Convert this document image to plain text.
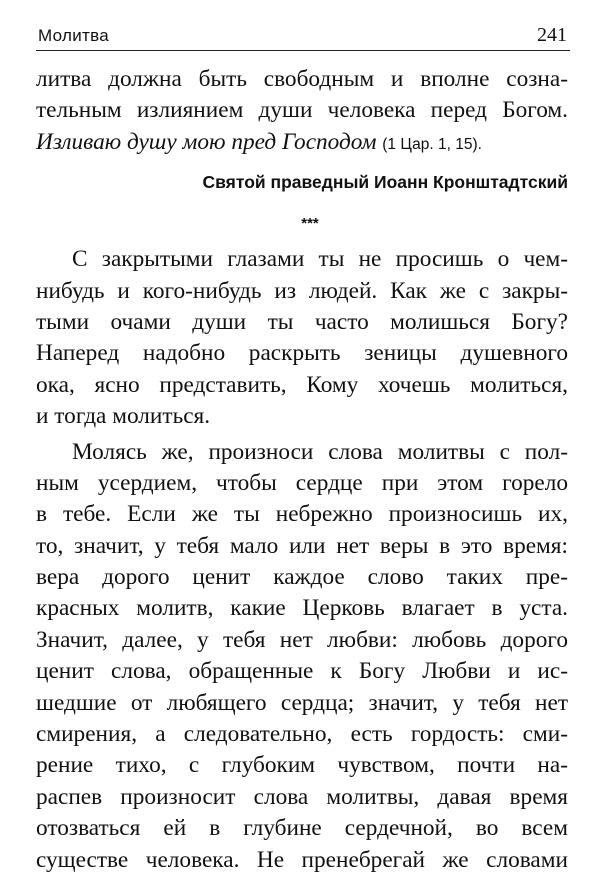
Молитва	241
литва должна быть свободным и вполне созна-
тельным излиянием души человека перед Богом.
Изливаю душу мою пред Господом (1 Цар. 1, 15).
Святой праведный Иоанн Кронштадтский
***
С закрытыми глазами ты не просишь о чем-
нибудь и кого-нибудь из людей. Как же с закры-
тыми очами души ты часто молишься Богу?
Наперед надобно раскрыть зеницы душевного
ока, ясно представить, Кому хочешь молиться,
и тогда молиться.
Молясь же, произноси слова молитвы с пол-
ным усердием, чтобы сердце при этом горело
в тебе. Если же ты небрежно произносишь их,
то, значит, у тебя мало или нет веры в это время:
вера дорого ценит каждое слово таких пре-
красных молитв, какие Церковь влагает в уста.
Значит, далее, у тебя нет любви: любовь дорого
ценит слова, обращенные к Богу Любви и ис-
шедшие от любящего сердца; значит, у тебя нет
смирения, а следовательно, есть гордость: сми-
рение тихо, с глубоким чувством, почти на-
распев произносит слова молитвы, давая время
отозваться ей в глубине сердечной, во всем
существе человека. Не пренебрегай же словами
